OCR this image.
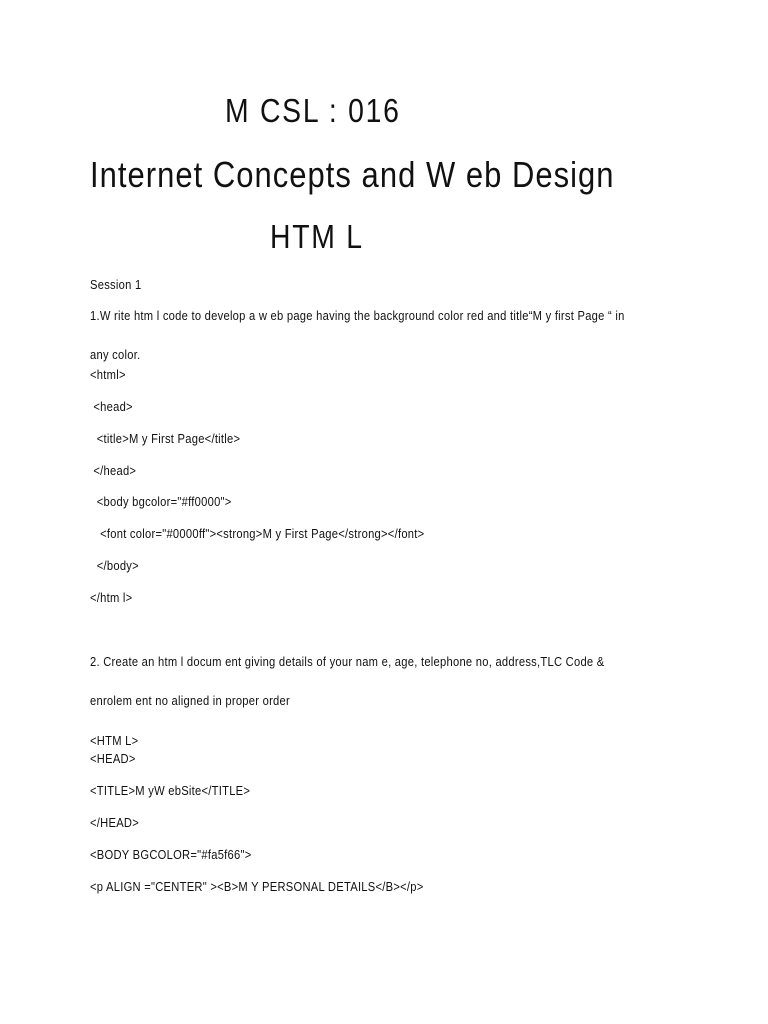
M CSL : 016
Internet Concepts and W eb Design
HTM L
Session 1
1.W rite htm l code to develop a w eb page having the background color red and title“M y first Page “ in
any color.
<html>
<head>
<title>M y First Page</title>
</head>
<body bgcolor="#ff0000">
<font color="#0000ff"><strong>M y First Page</strong></font>
</body>
</htm l>
2. Create an htm l docum ent giving details of your nam e, age, telephone no, address,TLC Code &
enrolem ent no aligned in proper order
<HTM L>
<HEAD>
<TITLE>M yW ebSite</TITLE>
</HEAD>
<BODY BGCOLOR="#fa5f66">
<p ALIGN ="CENTER" ><B>M Y PERSONAL DETAILS</B></p>
